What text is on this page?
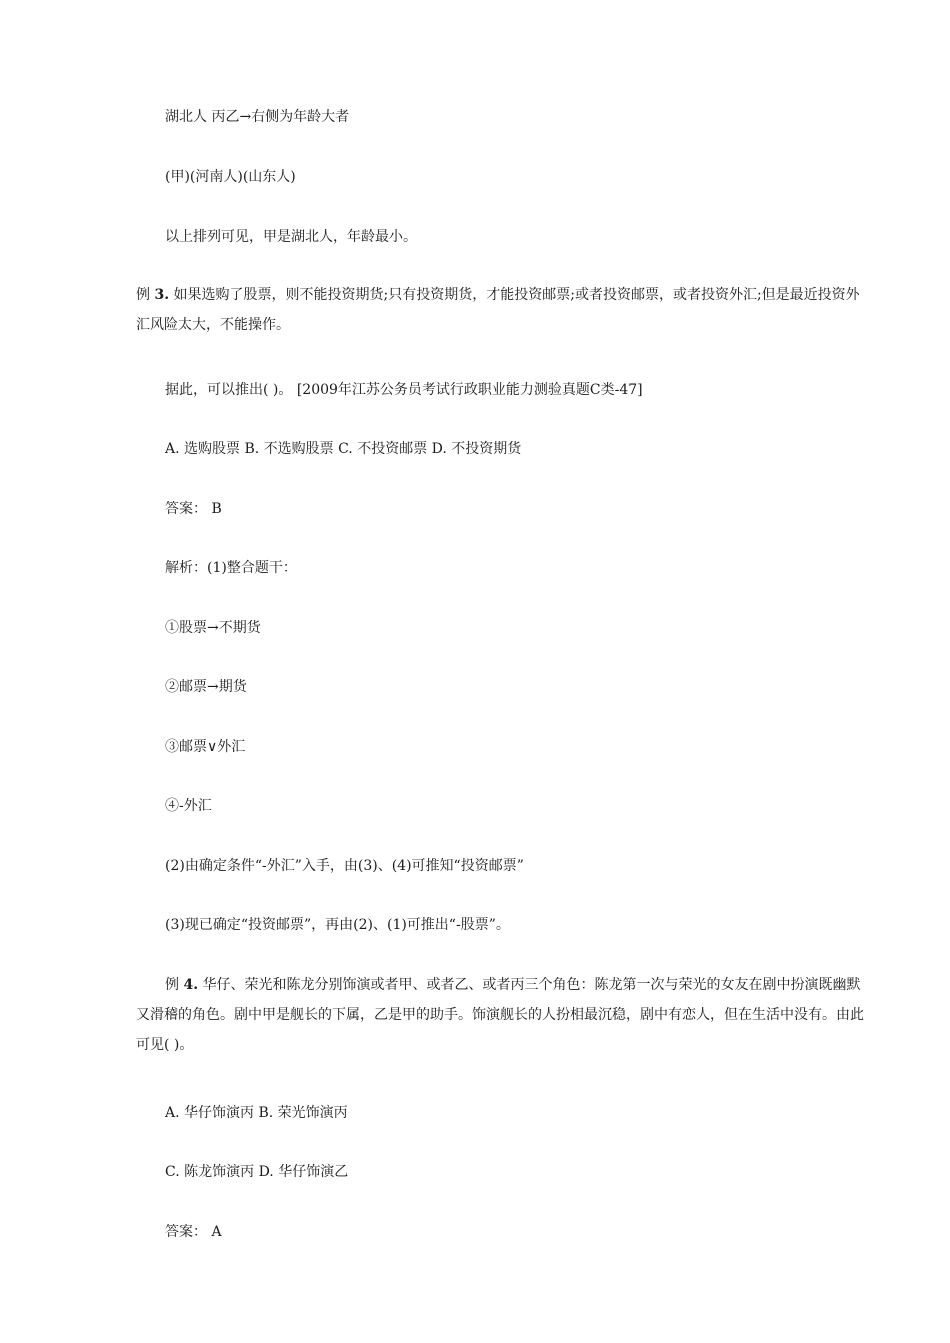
湖北人 丙乙→右侧为年龄大者
(甲)(河南人)(山东人)
以上排列可见，甲是湖北人，年龄最小。
例 3. 如果选购了股票，则不能投资期货;只有投资期货，才能投资邮票;或者投资邮票，或者投资外汇;但是最近投资外汇风险太大，不能操作。
据此，可以推出( )。 [2009年江苏公务员考试行政职业能力测验真题C类-47]
A. 选购股票 B. 不选购股票 C. 不投资邮票 D. 不投资期货
答案： B
解析：(1)整合题干：
①股票→不期货
②邮票→期货
③邮票∨外汇
④-外汇
(2)由确定条件“-外汇”入手，由(3)、(4)可推知“投资邮票”
(3)现已确定“投资邮票”，再由(2)、(1)可推出“-股票”。
例 4. 华仔、荣光和陈龙分别饰演或者甲、或者乙、或者丙三个角色：陈龙第一次与荣光的女友在剧中扮演既幽默又滑稽的角色。剧中甲是舰长的下属，乙是甲的助手。饰演舰长的人扮相最沉稳，剧中有恋人，但在生活中没有。由此可见( )。
A. 华仔饰演丙 B. 荣光饰演丙
C. 陈龙饰演丙 D. 华仔饰演乙
答案： A
